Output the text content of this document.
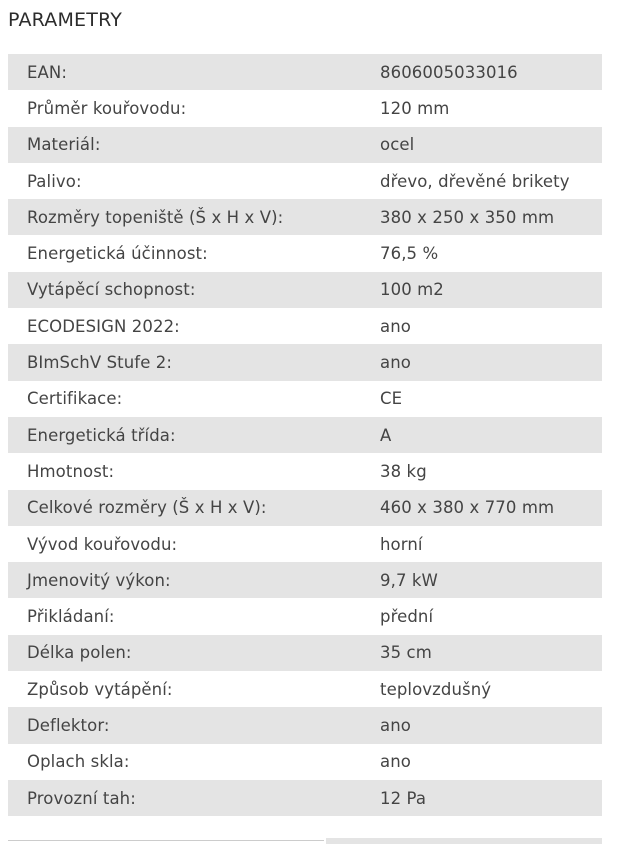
PARAMETRY
EAN:	8606005033016
Průměr kouřovodu:	120 mm
Materiál:	ocel
Palivo:	dřevo, dřevěné brikety
Rozměry topeniště (Š x H x V):	380 x 250 x 350 mm
Energetická účinnost:	76,5 %
Vytápěcí schopnost:	100 m2
ECODESIGN 2022:	ano
BImSchV Stufe 2:	ano
Certifikace:	CE
Energetická třída:	A
Hmotnost:	38 kg
Celkové rozměry (Š x H x V):	460 x 380 x 770 mm
Vývod kouřovodu:	horní
Jmenovitý výkon:	9,7 kW
Přikládaní:	přední
Délka polen:	35 cm
Způsob vytápění:	teplovzdušný
Deflektor:	ano
Oplach skla:	ano
Provozní tah:	12 Pa
